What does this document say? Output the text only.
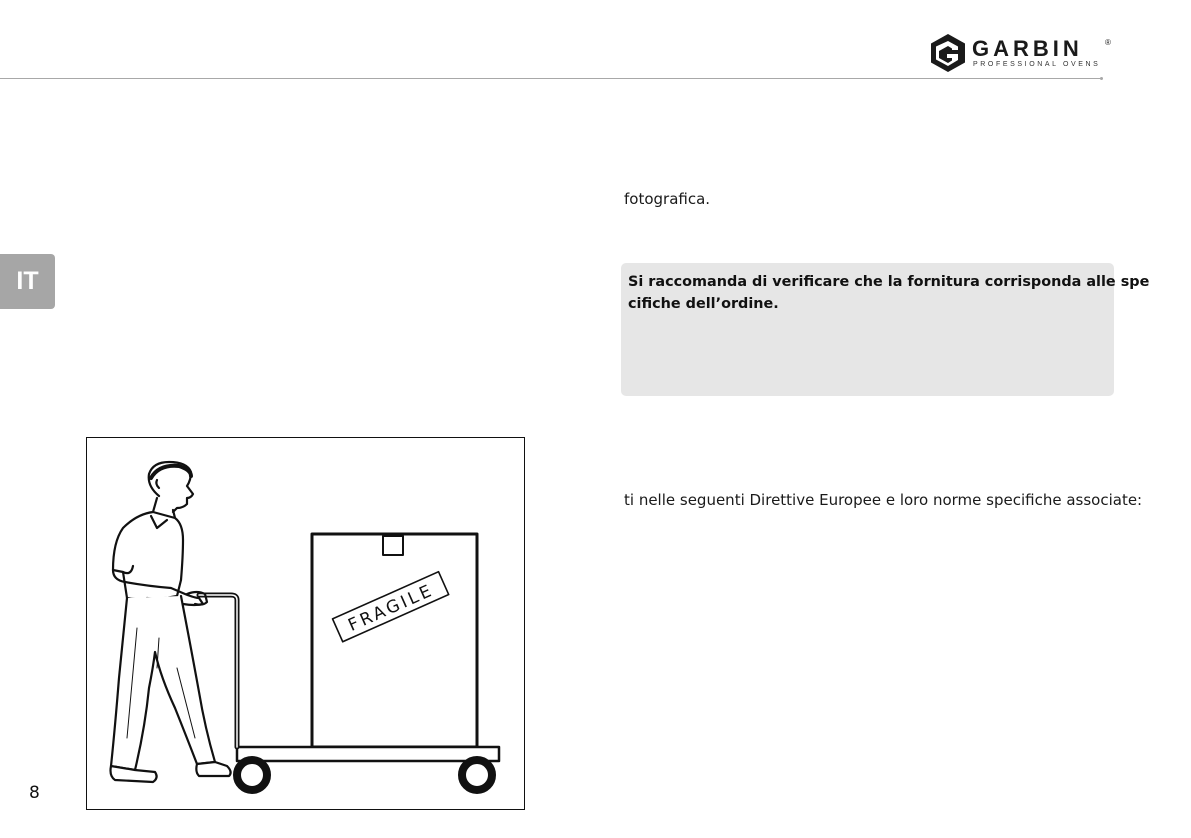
GARBIN	®
PROFESSIONAL OVENS
IT
fotografica.
Si raccomanda di verificare che la fornitura corrisponda alle spe
cifiche dell’ordine.
ti nelle seguenti Direttive Europee e loro norme specifiche associate:
FRAGILE
8
